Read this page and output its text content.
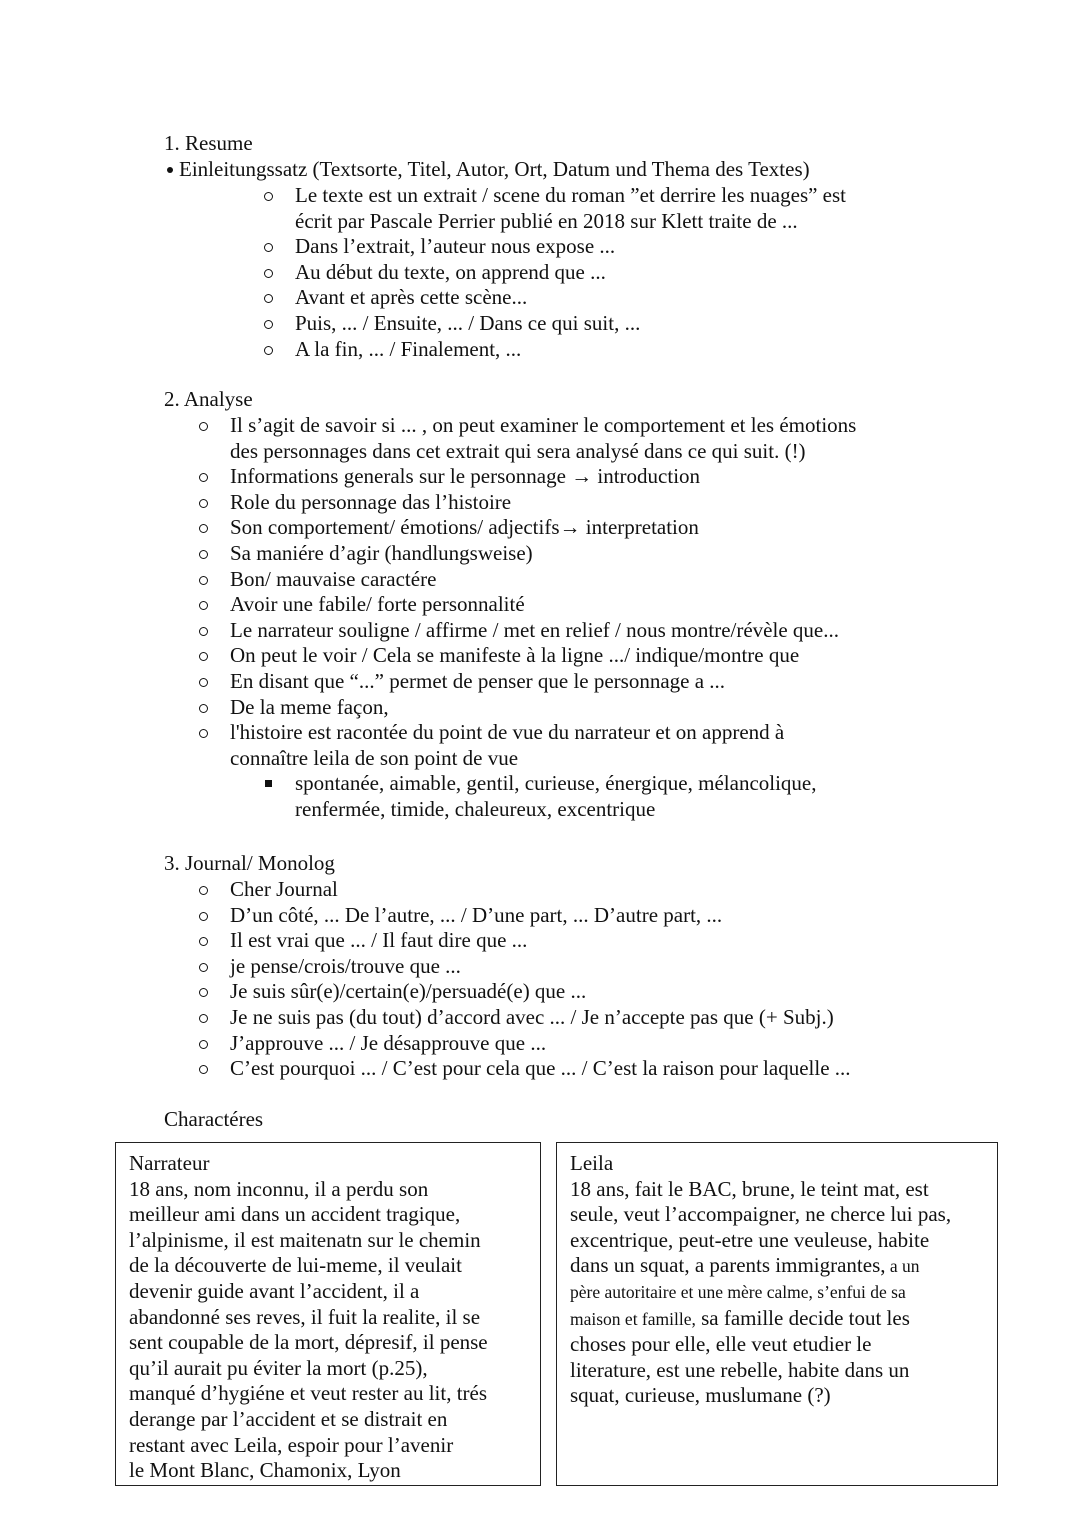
1. Resume
Einleitungssatz (Textsorte, Titel, Autor, Ort, Datum und Thema des Textes)
Le texte est un extrait / scene du roman ”et derrire les nuages” est
écrit par Pascale Perrier publié en 2018 sur Klett traite de ...
Dans l’extrait, l’auteur nous expose ...
Au début du texte, on apprend que ...
Avant et après cette scène...
Puis, ... / Ensuite, ... / Dans ce qui suit, ...
A la fin, ... / Finalement, ...
2. Analyse
Il s’agit de savoir si ... , on peut examiner le comportement et les émotions
des personnages dans cet extrait qui sera analysé dans ce qui suit. (!)
Informations generals sur le personnage → introduction
Role du personnage das l’histoire
Son comportement/ émotions/ adjectifs→ interpretation
Sa maniére d’agir (handlungsweise)
Bon/ mauvaise caractére
Avoir une fabile/ forte personnalité
Le narrateur souligne / affirme / met en relief / nous montre/révèle que...
On peut le voir / Cela se manifeste à la ligne .../ indique/montre que
En disant que “...” permet de penser que le personnage a ...
De la meme façon,
l'histoire est racontée du point de vue du narrateur et on apprend à
connaître leila de son point de vue
spontanée, aimable, gentil, curieuse, énergique, mélancolique,
renfermée, timide, chaleureux, excentrique
3. Journal/ Monolog
Cher Journal
D’un côté, ... De l’autre, ... / D’une part, ... D’autre part, ...
Il est vrai que ... / Il faut dire que ...
je pense/crois/trouve que ...
Je suis sûr(e)/certain(e)/persuadé(e) que ...
Je ne suis pas (du tout) d’accord avec ... / Je n’accepte pas que (+ Subj.)
J’approuve ... / Je désapprouve que ...
C’est pourquoi ... / C’est pour cela que ... / C’est la raison pour laquelle ...
Charactéres
Narrateur
18 ans, nom inconnu, il a perdu son
meilleur ami dans un accident tragique,
l’alpinisme, il est maitenatn sur le chemin
de la découverte de lui-meme, il veulait
devenir guide avant l’accident, il a
abandonné ses reves, il fuit la realite, il se
sent coupable de la mort, dépresif, il pense
qu’il aurait pu éviter la mort (p.25),
manqué d’hygiéne et veut rester au lit, trés
derange par l’accident et se distrait en
restant avec Leila, espoir pour l’avenir
le Mont Blanc, Chamonix, Lyon
Leila
18 ans, fait le BAC, brune, le teint mat, est
seule, veut l’accompaigner, ne cherce lui pas,
excentrique, peut-etre une veuleuse, habite
dans un squat, a parents immigrantes, a un
père autoritaire et une mère calme, s’enfui de sa
maison et famille, sa famille decide tout les
choses pour elle, elle veut etudier le
literature, est une rebelle, habite dans un
squat, curieuse, muslumane (?)
